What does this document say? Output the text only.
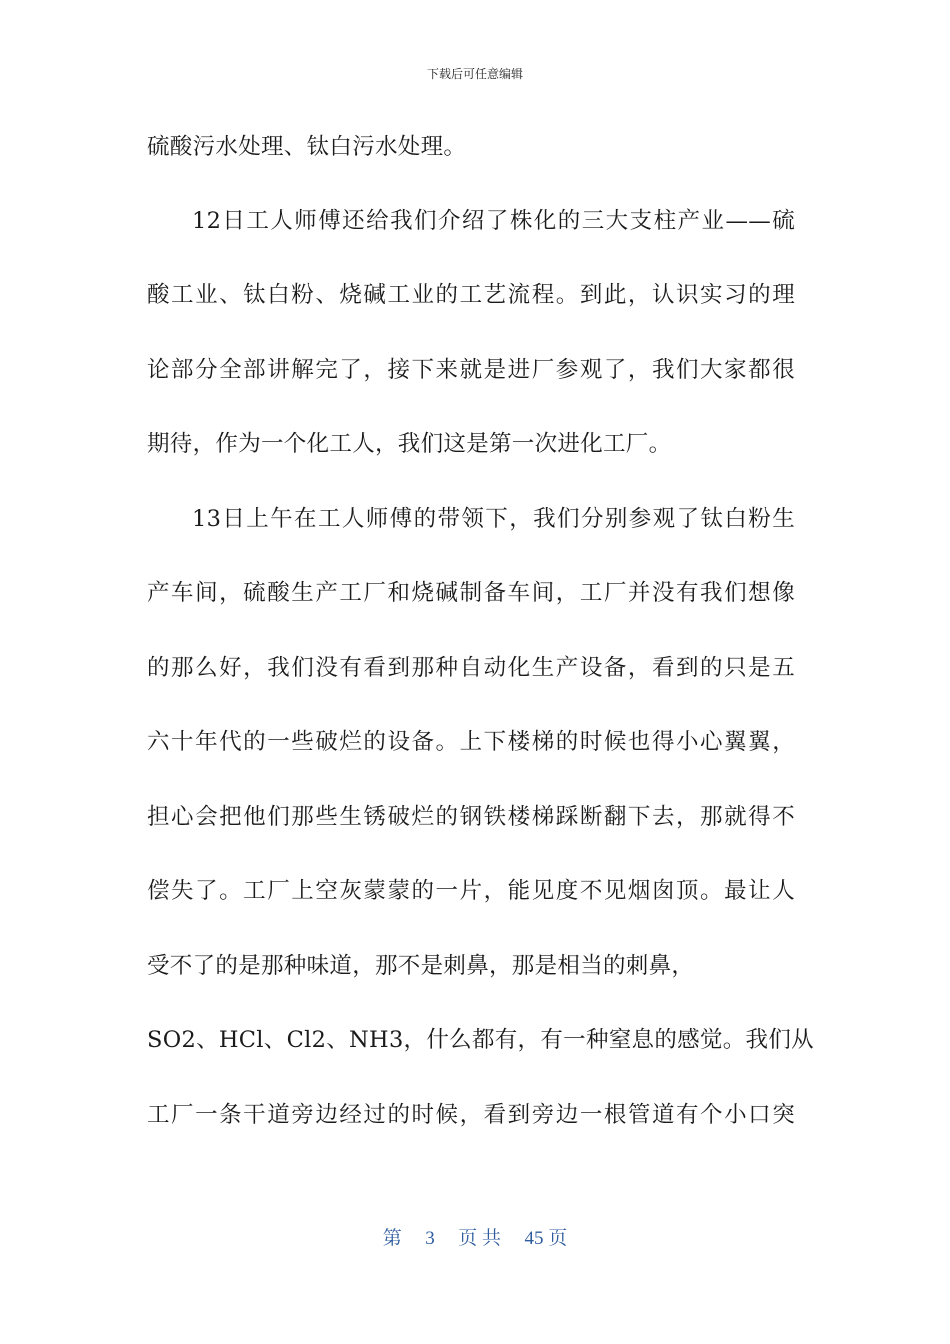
下载后可任意编辑
硫酸污水处理、钛白污水处理。
12日工人师傅还给我们介绍了株化的三大支柱产业——硫
酸工业、钛白粉、烧碱工业的工艺流程。到此，认识实习的理
论部分全部讲解完了，接下来就是进厂参观了，我们大家都很
期待，作为一个化工人，我们这是第一次进化工厂。
13日上午在工人师傅的带领下，我们分别参观了钛白粉生
产车间，硫酸生产工厂和烧碱制备车间，工厂并没有我们想像
的那么好，我们没有看到那种自动化生产设备，看到的只是五
六十年代的一些破烂的设备。上下楼梯的时候也得小心翼翼，
担心会把他们那些生锈破烂的钢铁楼梯踩断翻下去，那就得不
偿失了。工厂上空灰蒙蒙的一片，能见度不见烟囱顶。最让人
受不了的是那种味道，那不是刺鼻，那是相当的刺鼻，
SO2、HCl、Cl2、NH3，什么都有，有一种窒息的感觉。我们从
工厂一条干道旁边经过的时候，看到旁边一根管道有个小口突
第 3 页 共 45 页
